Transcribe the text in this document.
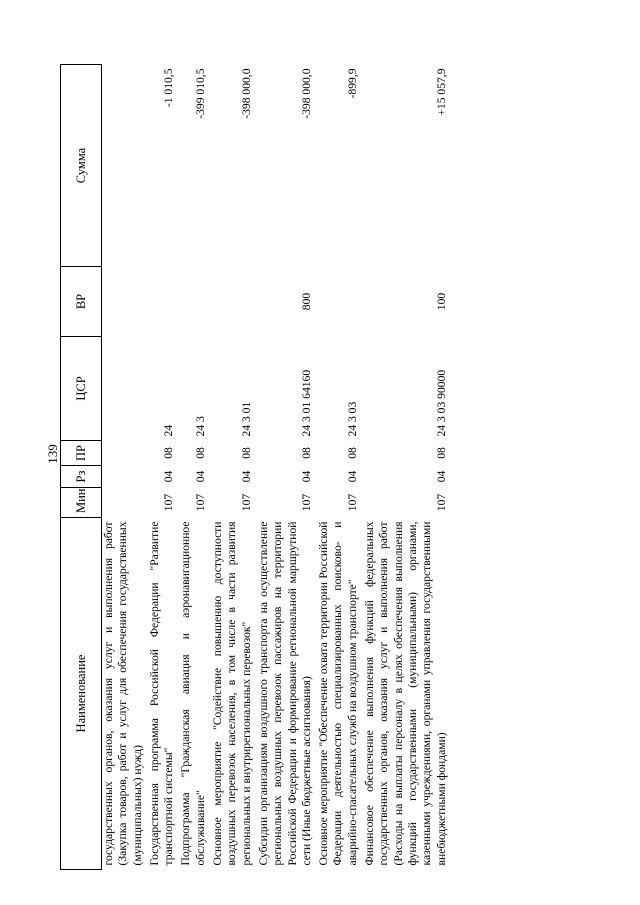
139
Наименование	Мин	Рз	ПР	ЦСР	ВР	Сумма
государственных органов, оказания услуг и выполнения работ (Закупка товаров, работ и услуг для обеспечения государственных (муниципальных) нужд)						
Государственная программа Российской Федерации "Развитие транспортной системы"	107	04	08	24		-1 010,5
Подпрограмма "Гражданская авиация и аэронавигационное обслуживание"	107	04	08	24 3		-399 010,5
Основное мероприятие "Содействие повышению доступности воздушных перевозок населения, в том числе в части развития региональных и внутрирегиональных перевозок"	107	04	08	24 3 01		-398 000,0
Субсидии организациям воздушного транспорта на осуществление региональных воздушных перевозок пассажиров на территории Российской Федерации и формирование региональной маршрутной сети (Иные бюджетные ассигнования)	107	04	08	24 3 01 64160	800	-398 000,0
Основное мероприятие "Обеспечение охвата территории Российской Федерации деятельностью специализированных поисково- и аварийно-спасательных служб на воздушном транспорте"	107	04	08	24 3 03		-899,9
Финансовое обеспечение выполнения функций федеральных государственных органов, оказания услуг и выполнения работ (Расходы на выплаты персоналу в целях обеспечения выполнения функций государственными (муниципальными) органами, казенными учреждениями, органами управления государственными внебюджетными фондами)	107	04	08	24 3 03 90000	100	+15 057,9
